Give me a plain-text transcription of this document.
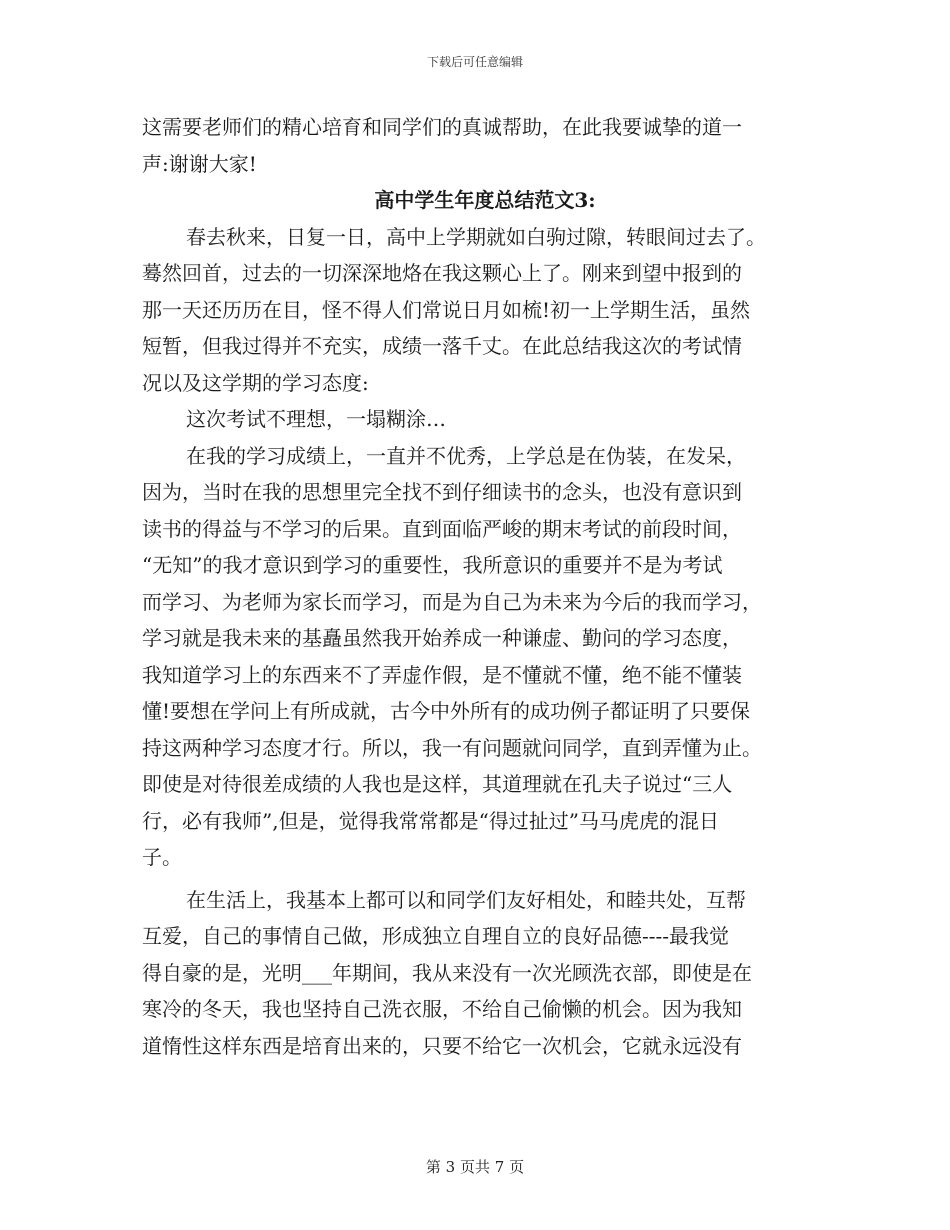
下载后可任意编辑
这需要老师们的精心培育和同学们的真诚帮助，在此我要诚挚的道一
声:谢谢大家!
高中学生年度总结范文3:
春去秋来，日复一日，高中上学期就如白驹过隙，转眼间过去了。
蓦然回首，过去的一切深深地烙在我这颗心上了。刚来到望中报到的
那一天还历历在目，怪不得人们常说日月如梳!初一上学期生活，虽然
短暂，但我过得并不充实，成绩一落千丈。在此总结我这次的考试情
况以及这学期的学习态度:
这次考试不理想，一塌糊涂…
在我的学习成绩上，一直并不优秀，上学总是在伪装，在发呆，
因为，当时在我的思想里完全找不到仔细读书的念头，也没有意识到
读书的得益与不学习的后果。直到面临严峻的期末考试的前段时间，
“无知”的我才意识到学习的重要性，我所意识的重要并不是为考试
而学习、为老师为家长而学习，而是为自己为未来为今后的我而学习，
学习就是我未来的基矗虽然我开始养成一种谦虚、勤问的学习态度，
我知道学习上的东西来不了弄虚作假，是不懂就不懂，绝不能不懂装
懂!要想在学问上有所成就，古今中外所有的成功例子都证明了只要保
持这两种学习态度才行。所以，我一有问题就问同学，直到弄懂为止。
即使是对待很差成绩的人我也是这样，其道理就在孔夫子说过“三人
行，必有我师”,但是，觉得我常常都是“得过扯过”马马虎虎的混日
子。
在生活上，我基本上都可以和同学们友好相处，和睦共处，互帮
互爱，自己的事情自己做，形成独立自理自立的良好品德----最我觉
得自豪的是，光明___年期间，我从来没有一次光顾洗衣部，即使是在
寒冷的冬天，我也坚持自己洗衣服，不给自己偷懒的机会。因为我知
道惰性这样东西是培育出来的，只要不给它一次机会，它就永远没有
第 3 页共 7 页
